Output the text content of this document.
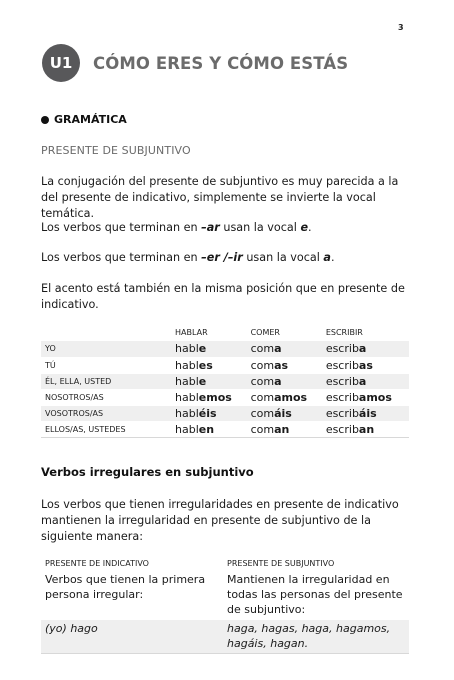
3
U1	CÓMO ERES Y CÓMO ESTÁS
GRAMÁTICA
PRESENTE DE SUBJUNTIVO

La conjugación del presente de subjuntivo es muy parecida a la del presente de indicativo, simplemente se invierte la vocal temática.

Los verbos que terminan en –ar usan la vocal e.

Los verbos que terminan en –er /–ir usan la vocal a.

El acento está también en la misma posición que en presente de indicativo.

	HABLAR	COMER	ESCRIBIR
YO	hable	coma	escriba
TÚ	hables	comas	escribas
ÉL, ELLA, USTED	hable	coma	escriba
NOSOTROS/AS	hablemos	comamos	escribamos
VOSOTROS/AS	habléis	comáis	escribáis
ELLOS/AS, USTEDES	hablen	coman	escriban
Verbos irregulares en subjuntivo

Los verbos que tienen irregularidades en presente de indicativo mantienen la irregularidad en presente de subjuntivo de la siguiente manera:

PRESENTE DE INDICATIVO	PRESENTE DE SUBJUNTIVO
Verbos que tienen la primera persona irregular:	Mantienen la irregularidad en todas las personas del presente de subjuntivo:
(yo) hago	haga, hagas, haga, hagamos, hagáis, hagan.
